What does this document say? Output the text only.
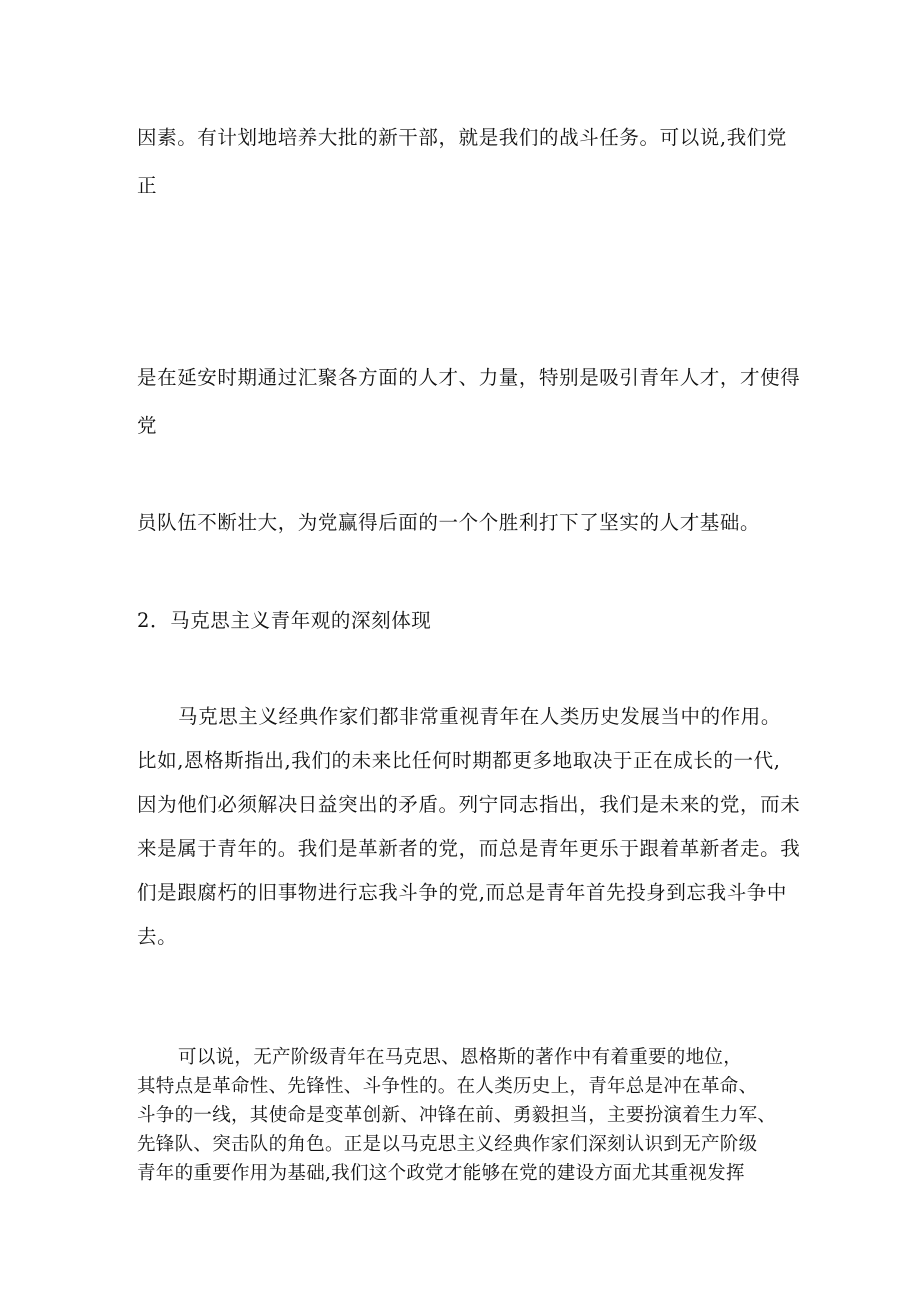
因素。有计划地培养大批的新干部，就是我们的战斗任务。可以说,我们党
正
是在延安时期通过汇聚各方面的人才、力量，特别是吸引青年人才，才使得
党
员队伍不断壮大，为党赢得后面的一个个胜利打下了坚实的人才基础。
2．马克思主义青年观的深刻体现
马克思主义经典作家们都非常重视青年在人类历史发展当中的作用。
比如,恩格斯指出,我们的未来比任何时期都更多地取决于正在成长的一代,
因为他们必须解决日益突出的矛盾。列宁同志指出，我们是未来的党，而未
来是属于青年的。我们是革新者的党，而总是青年更乐于跟着革新者走。我
们是跟腐朽的旧事物进行忘我斗争的党,而总是青年首先投身到忘我斗争中
去。
可以说，无产阶级青年在马克思、恩格斯的著作中有着重要的地位，
其特点是革命性、先锋性、斗争性的。在人类历史上，青年总是冲在革命、
斗争的一线，其使命是变革创新、冲锋在前、勇毅担当，主要扮演着生力军、
先锋队、突击队的角色。正是以马克思主义经典作家们深刻认识到无产阶级
青年的重要作用为基础,我们这个政党才能够在党的建设方面尤其重视发挥
